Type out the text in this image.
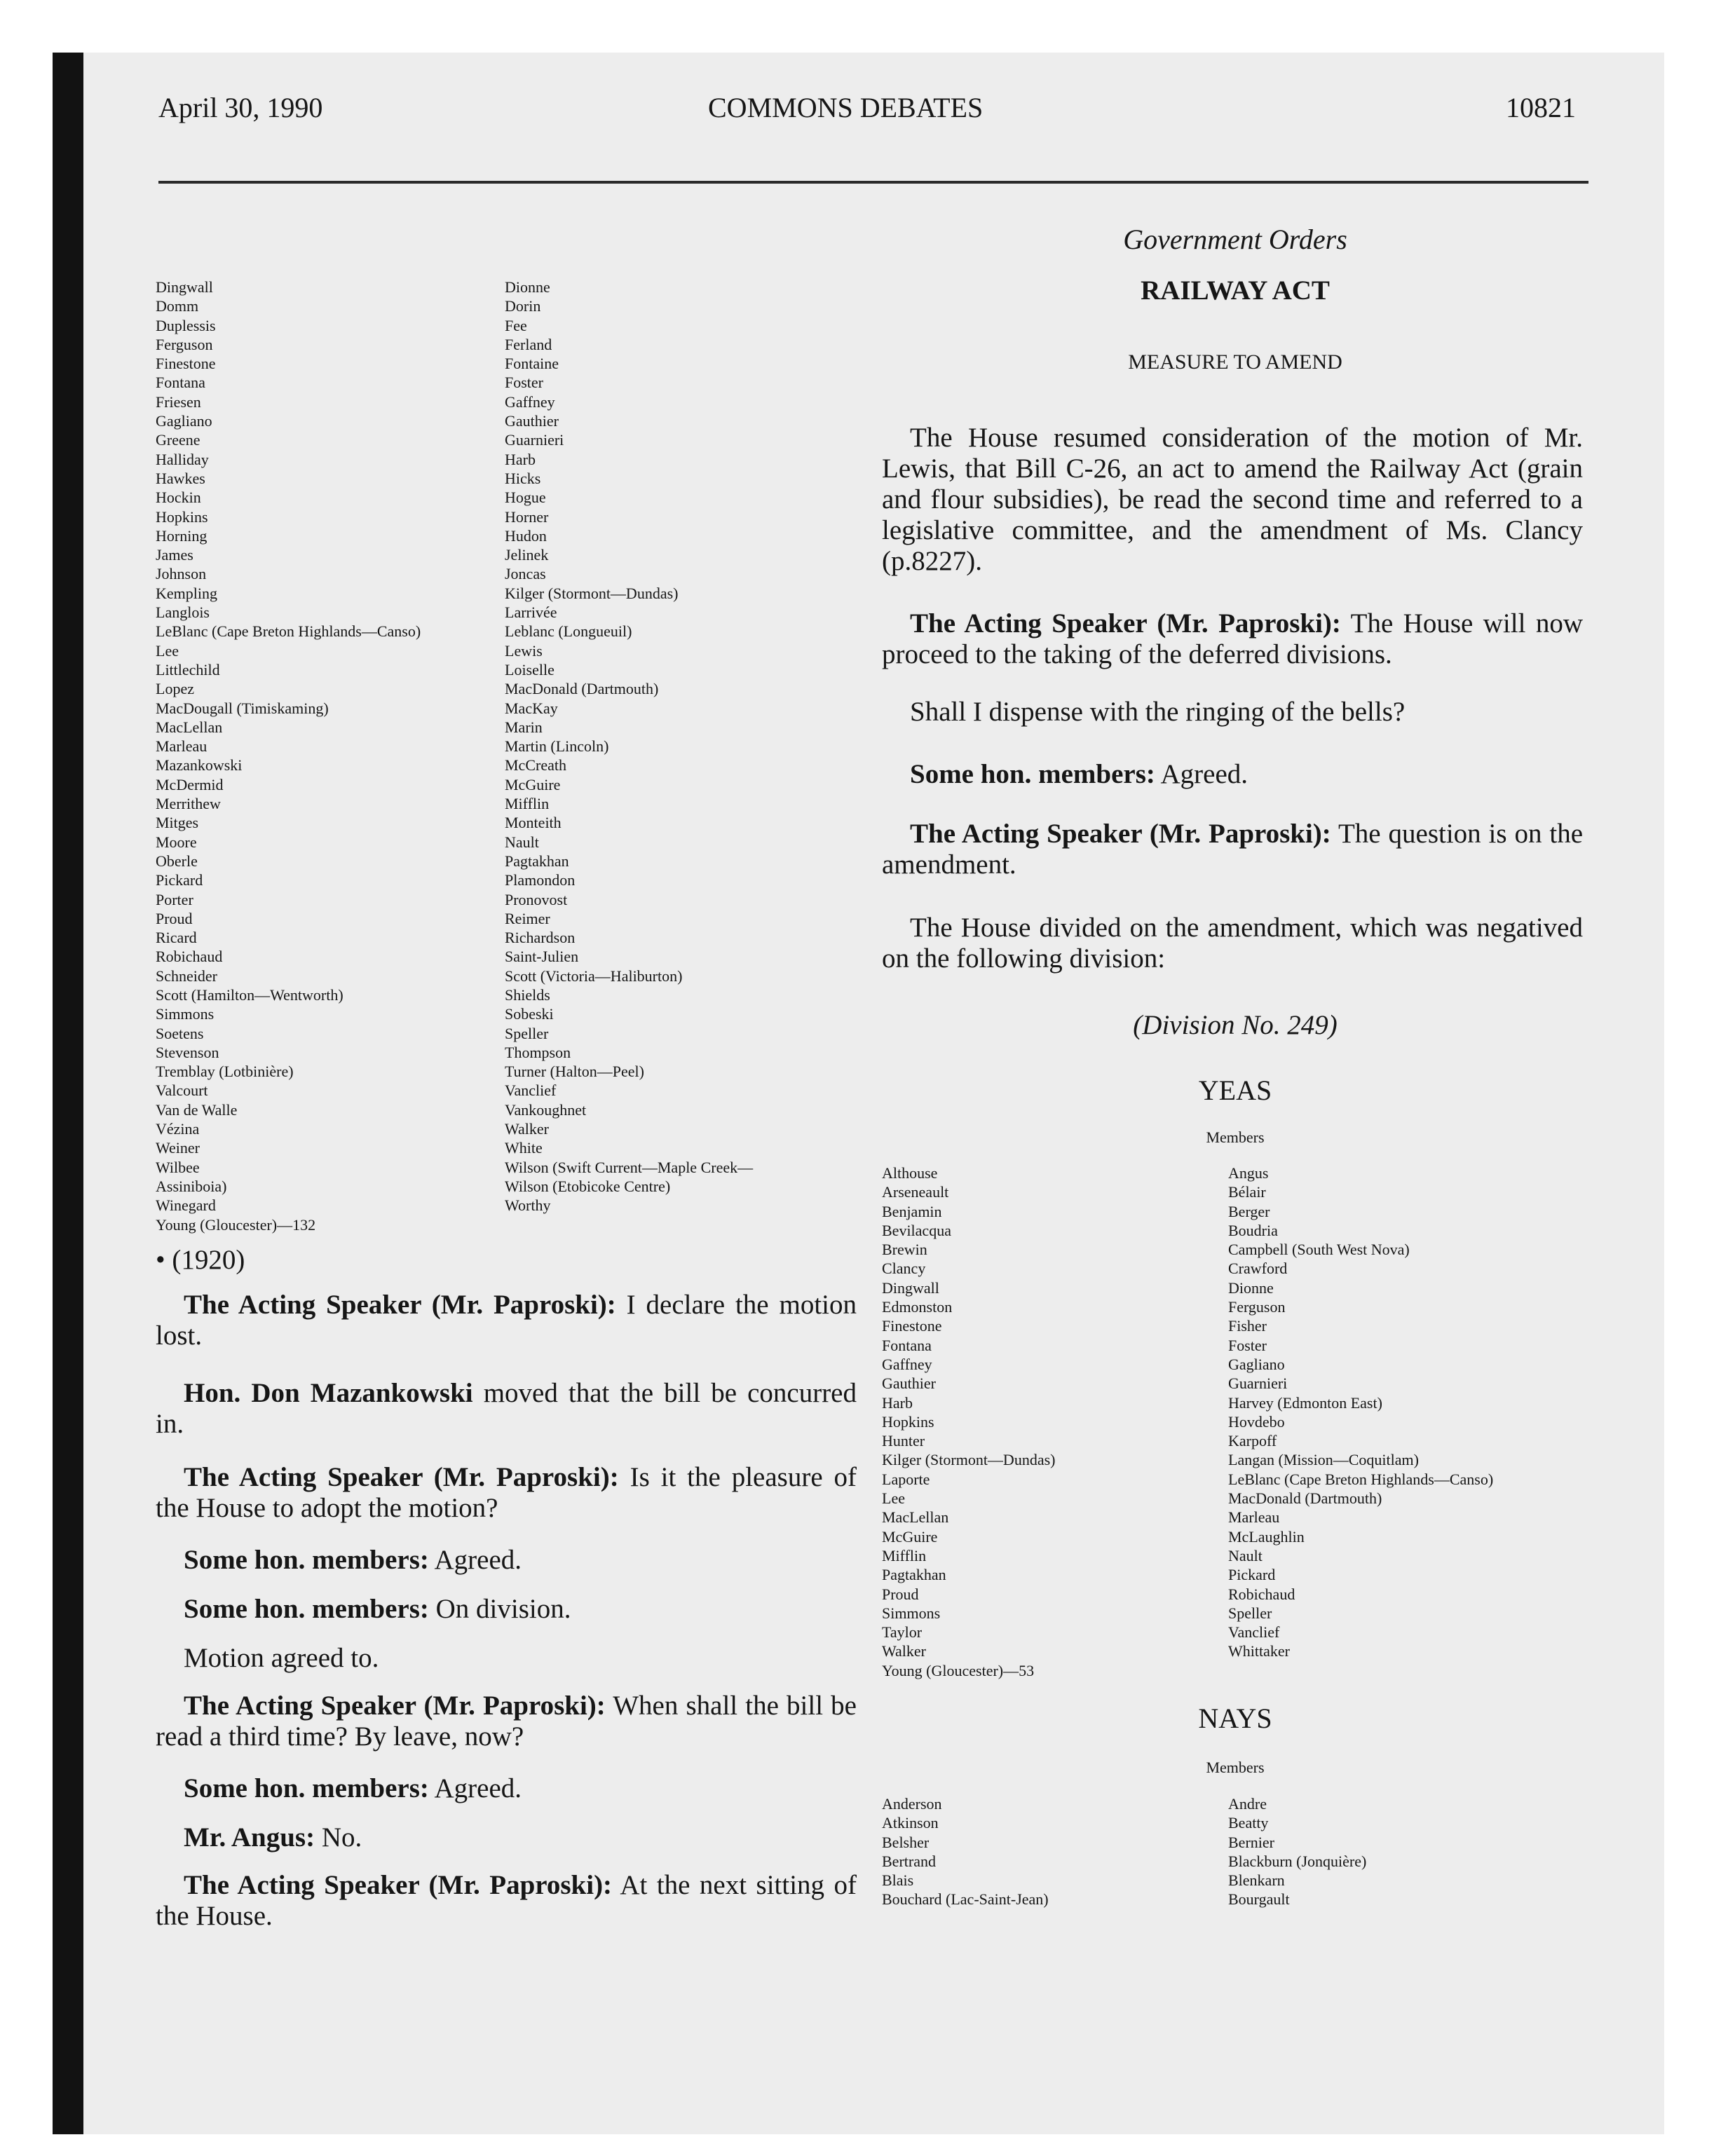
April 30, 1990	COMMONS DEBATES	10821
Dingwall
Domm
Duplessis
Ferguson
Finestone
Fontana
Friesen
Gagliano
Greene
Halliday
Hawkes
Hockin
Hopkins
Horning
James
Johnson
Kempling
Langlois
LeBlanc (Cape Breton Highlands—Canso)
Lee
Littlechild
Lopez
MacDougall (Timiskaming)
MacLellan
Marleau
Mazankowski
McDermid
Merrithew
Mitges
Moore
Oberle
Pickard
Porter
Proud
Ricard
Robichaud
Schneider
Scott (Hamilton—Wentworth)
Simmons
Soetens
Stevenson
Tremblay (Lotbinière)
Valcourt
Van de Walle
Vézina
Weiner
Wilbee
Assiniboia)
Winegard
Young (Gloucester)—132
Dionne
Dorin
Fee
Ferland
Fontaine
Foster
Gaffney
Gauthier
Guarnieri
Harb
Hicks
Hogue
Horner
Hudon
Jelinek
Joncas
Kilger (Stormont—Dundas)
Larrivée
Leblanc (Longueuil)
Lewis
Loiselle
MacDonald (Dartmouth)
MacKay
Marin
Martin (Lincoln)
McCreath
McGuire
Mifflin
Monteith
Nault
Pagtakhan
Plamondon
Pronovost
Reimer
Richardson
Saint-Julien
Scott (Victoria—Haliburton)
Shields
Sobeski
Speller
Thompson
Turner (Halton—Peel)
Vanclief
Vankoughnet
Walker
White
Wilson (Swift Current—Maple Creek—
Wilson (Etobicoke Centre)
Worthy
• (1920)

The Acting Speaker (Mr. Paproski): I declare the motion lost.

Hon. Don Mazankowski moved that the bill be concurred in.

The Acting Speaker (Mr. Paproski): Is it the pleasure of the House to adopt the motion?

Some hon. members: Agreed.

Some hon. members: On division.

Motion agreed to.

The Acting Speaker (Mr. Paproski): When shall the bill be read a third time? By leave, now?

Some hon. members: Agreed.

Mr. Angus: No.

The Acting Speaker (Mr. Paproski): At the next sitting of the House.

Government Orders
RAILWAY ACT
MEASURE TO AMEND

The House resumed consideration of the motion of Mr. Lewis, that Bill C-26, an act to amend the Railway Act (grain and flour subsidies), be read the second time and referred to a legislative committee, and the amendment of Ms. Clancy (p.8227).

The Acting Speaker (Mr. Paproski): The House will now proceed to the taking of the deferred divisions.

Shall I dispense with the ringing of the bells?

Some hon. members: Agreed.

The Acting Speaker (Mr. Paproski): The question is on the amendment.

The House divided on the amendment, which was negatived on the following division:

(Division No. 249)
YEAS
Members
Althouse
Arseneault
Benjamin
Bevilacqua
Brewin
Clancy
Dingwall
Edmonston
Finestone
Fontana
Gaffney
Gauthier
Harb
Hopkins
Hunter
Kilger (Stormont—Dundas)
Laporte
Lee
MacLellan
McGuire
Mifflin
Pagtakhan
Proud
Simmons
Taylor
Walker
Young (Gloucester)—53
Angus
Bélair
Berger
Boudria
Campbell (South West Nova)
Crawford
Dionne
Ferguson
Fisher
Foster
Gagliano
Guarnieri
Harvey (Edmonton East)
Hovdebo
Karpoff
Langan (Mission—Coquitlam)
LeBlanc (Cape Breton Highlands—Canso)
MacDonald (Dartmouth)
Marleau
McLaughlin
Nault
Pickard
Robichaud
Speller
Vanclief
Whittaker
NAYS
Members
Anderson
Atkinson
Belsher
Bertrand
Blais
Bouchard (Lac-Saint-Jean)
Andre
Beatty
Bernier
Blackburn (Jonquière)
Blenkarn
Bourgault
